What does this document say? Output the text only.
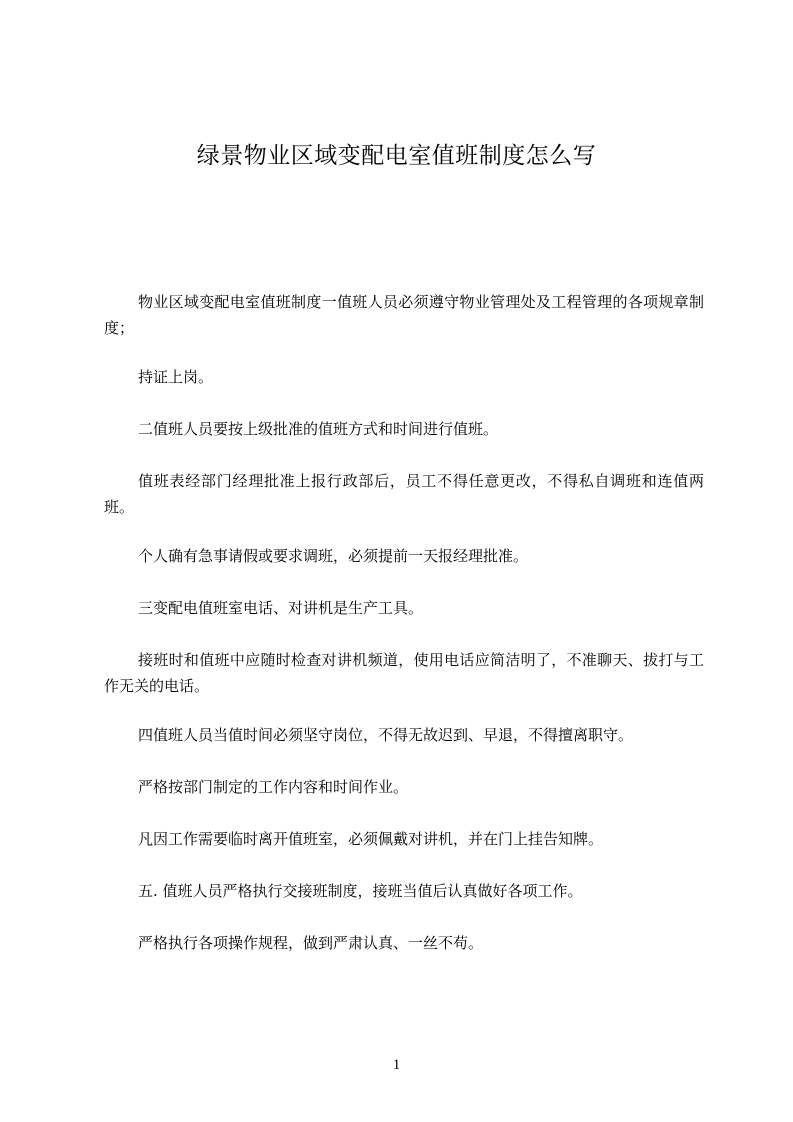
绿景物业区域变配电室值班制度怎么写

物业区域变配电室值班制度一值班人员必须遵守物业管理处及工程管理的各项规章制度；

持证上岗。

二值班人员要按上级批准的值班方式和时间进行值班。

值班表经部门经理批准上报行政部后，员工不得任意更改，不得私自调班和连值两班。

个人确有急事请假或要求调班，必须提前一天报经理批准。

三变配电值班室电话、对讲机是生产工具。

接班时和值班中应随时检查对讲机频道，使用电话应简洁明了，不准聊天、拔打与工作无关的电话。

四值班人员当值时间必须坚守岗位，不得无故迟到、早退，不得擅离职守。

严格按部门制定的工作内容和时间作业。

凡因工作需要临时离开值班室，必须佩戴对讲机，并在门上挂告知牌。

五. 值班人员严格执行交接班制度，接班当值后认真做好各项工作。

严格执行各项操作规程，做到严肃认真、一丝不苟。

1
